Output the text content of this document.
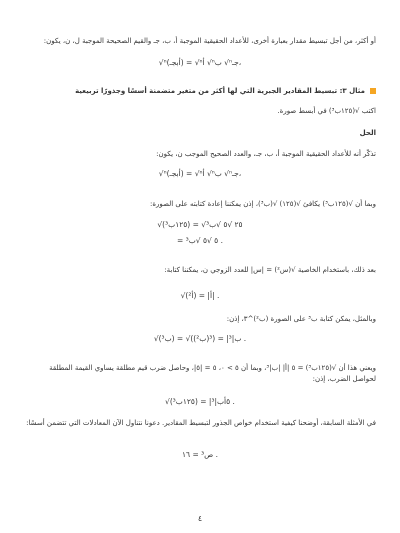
أو أكثر، من أجل تبسيط مقدار بعبارة أخرى، للأعداد الحقيقية الموجبة أ، ب، جـ والقيم الصحيحة الموجبة ل، ن، يكون:
√ⁿ(أبجـ) = √ⁿأ √ⁿب √ⁿجـ،
مثال ٣: تبسيط المقادير الجبرية التي لها أكثر من متغير متضمنة أسسًا وجذورًا تربيعية
اكتب √(١٢٥ب³) في أبسط صورة.
الحل
تذكَّر أنه للأعداد الحقيقية الموجبة أ، ب، جـ، والعدد الصحيح الموجب ن، يكون:
√ⁿ(أبجـ) = √ⁿأ √ⁿب √ⁿجـ،
وبما أن √(١٢٥ب³) يكافئ √(١٢٥) √(ب³)، إذن يمكننا إعادة كتابته على الصورة:
√(١٢٥ب³) = √٢٥ √٥ √ب³
= ٥ √٥ √ب³ .
بعد ذلك، باستخدام الخاصية √(س²) = |س| للعدد الزوجي ن، يمكننا كتابة:
√(أ²) = |أ| .
وبالمثل، يمكن كتابة ب³ على الصورة (ب²)^٣، إذن:
√(ب³) = √((ب²)³) = |ب|³ .
ويعني هذا أن √(١٢٥ب³) = ٥ |أ| |ب|³، وبما أن ٥ > ٠، ٥ = |٥|، وحاصل ضرب قيم مطلقة يساوي القيمة المطلقة لحواصل الضرب، إذن:
√(١٢٥ب³) = |٥أب|³ .
في الأمثلة السابقة، أوضحنا كيفية استخدام خواص الجذور لتبسيط المقادير. دعونا نتناول الآن المعادلات التي تتضمن أسسًا:
ص³ = ١٦ .
٤
